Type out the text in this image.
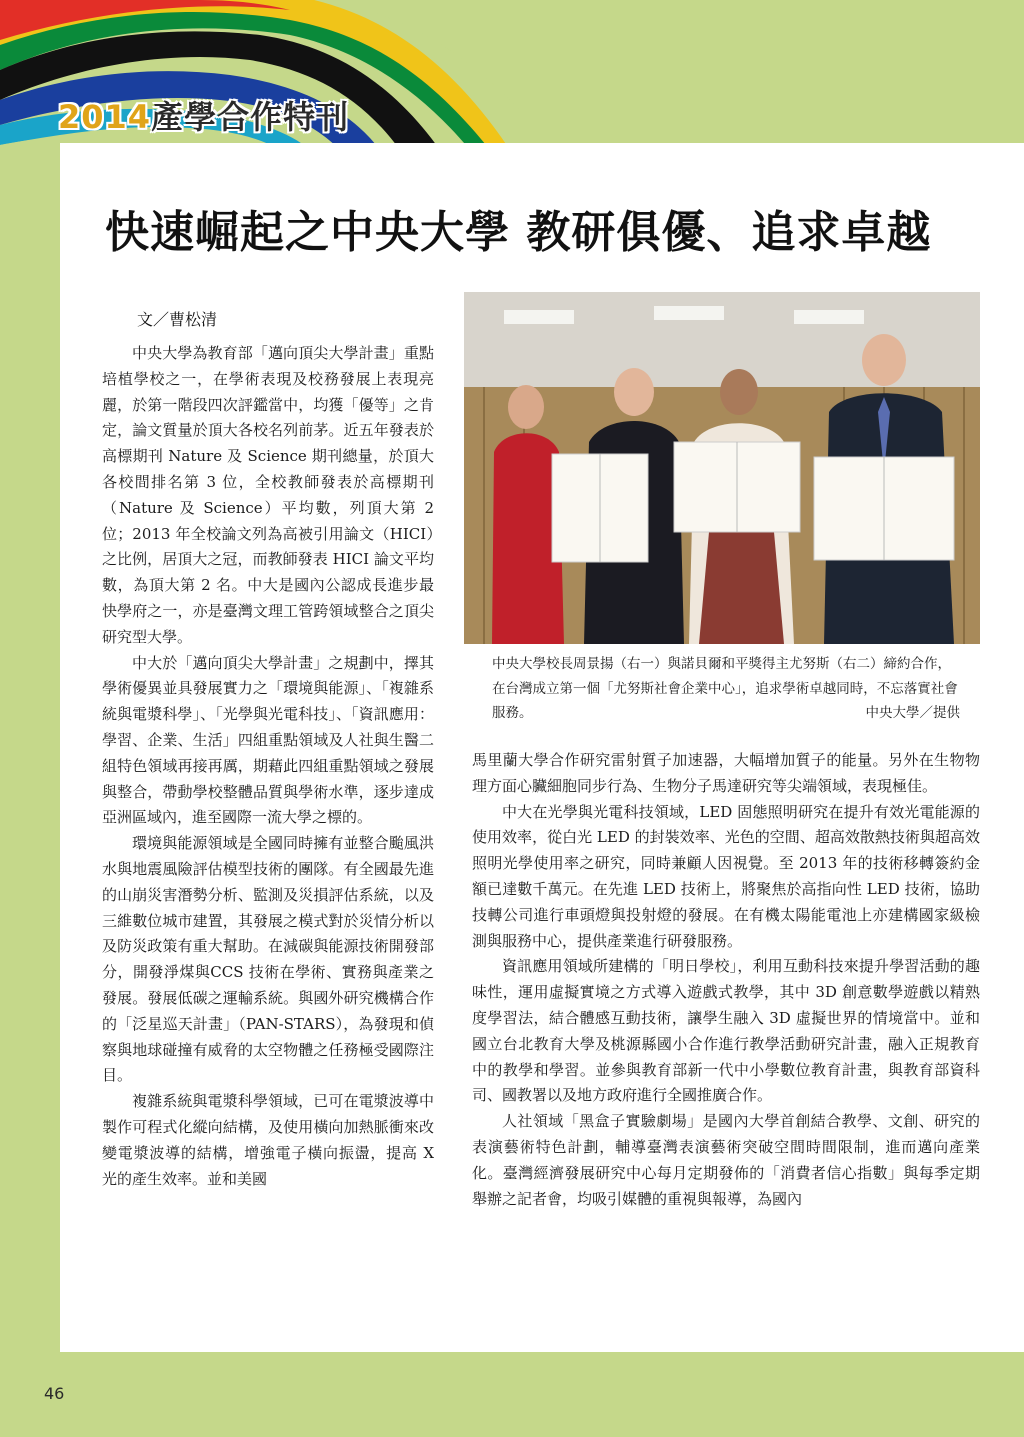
2014產學合作特刊
快速崛起之中央大學 教研俱優、追求卓越
文／曹松清

中央大學為教育部「邁向頂尖大學計畫」重點培植學校之一，在學術表現及校務發展上表現亮麗，於第一階段四次評鑑當中，均獲「優等」之肯定，論文質量於頂大各校名列前茅。近五年發表於高標期刊 Nature 及 Science 期刊總量，於頂大各校間排名第 3 位，全校教師發表於高標期刊（Nature 及 Science）平均數，列頂大第 2 位；2013 年全校論文列為高被引用論文（HICI）之比例，居頂大之冠，而教師發表 HICI 論文平均數，為頂大第 2 名。中大是國內公認成長進步最快學府之一，亦是臺灣文理工管跨領域整合之頂尖研究型大學。

中大於「邁向頂尖大學計畫」之規劃中，擇其學術優異並具發展實力之「環境與能源」、「複雜系統與電漿科學」、「光學與光電科技」、「資訊應用：學習、企業、生活」四組重點領域及人社與生醫二組特色領域再接再厲，期藉此四組重點領域之發展與整合，帶動學校整體品質與學術水準，逐步達成亞洲區域內，進至國際一流大學之標的。

環境與能源領域是全國同時擁有並整合颱風洪水與地震風險評估模型技術的團隊。有全國最先進的山崩災害潛勢分析、監測及災損評估系統，以及三維數位城市建置，其發展之模式對於災情分析以及防災政策有重大幫助。在減碳與能源技術開發部分，開發淨煤與CCS 技術在學術、實務與產業之發展。發展低碳之運輸系統。與國外研究機構合作的「泛星巡天計畫」（PAN-STARS），為發現和偵察與地球碰撞有威脅的太空物體之任務極受國際注目。

複雜系統與電漿科學領域，已可在電漿波導中製作可程式化縱向結構，及使用橫向加熱脈衝來改變電漿波導的結構，增強電子橫向振盪，提高 X 光的產生效率。並和美國

中央大學校長周景揚（右一）與諾貝爾和平獎得主尤努斯（右二）締約合作，在台灣成立第一個「尤努斯社會企業中心」，追求學術卓越同時，不忘落實社會服務。	中央大學／提供

馬里蘭大學合作研究雷射質子加速器，大幅增加質子的能量。另外在生物物理方面心臟細胞同步行為、生物分子馬達研究等尖端領域，表現極佳。

中大在光學與光電科技領域，LED 固態照明研究在提升有效光電能源的使用效率，從白光 LED 的封裝效率、光色的空間、超高效散熱技術與超高效照明光學使用率之研究，同時兼顧人因視覺。至 2013 年的技術移轉簽約金額已達數千萬元。在先進 LED 技術上，將聚焦於高指向性 LED 技術，協助技轉公司進行車頭燈與投射燈的發展。在有機太陽能電池上亦建構國家級檢測與服務中心，提供產業進行研發服務。

資訊應用領域所建構的「明日學校」，利用互動科技來提升學習活動的趣味性，運用虛擬實境之方式導入遊戲式教學，其中 3D 創意數學遊戲以精熟度學習法，結合體感互動技術，讓學生融入 3D 虛擬世界的情境當中。並和國立台北教育大學及桃源縣國小合作進行教學活動研究計畫，融入正規教育中的教學和學習。並參與教育部新一代中小學數位教育計畫，與教育部資科司、國教署以及地方政府進行全國推廣合作。

人社領域「黑盒子實驗劇場」是國內大學首創結合教學、文創、研究的表演藝術特色計劃，輔導臺灣表演藝術突破空間時間限制，進而邁向產業化。臺灣經濟發展研究中心每月定期發佈的「消費者信心指數」與每季定期舉辦之記者會，均吸引媒體的重視與報導，為國內

46
